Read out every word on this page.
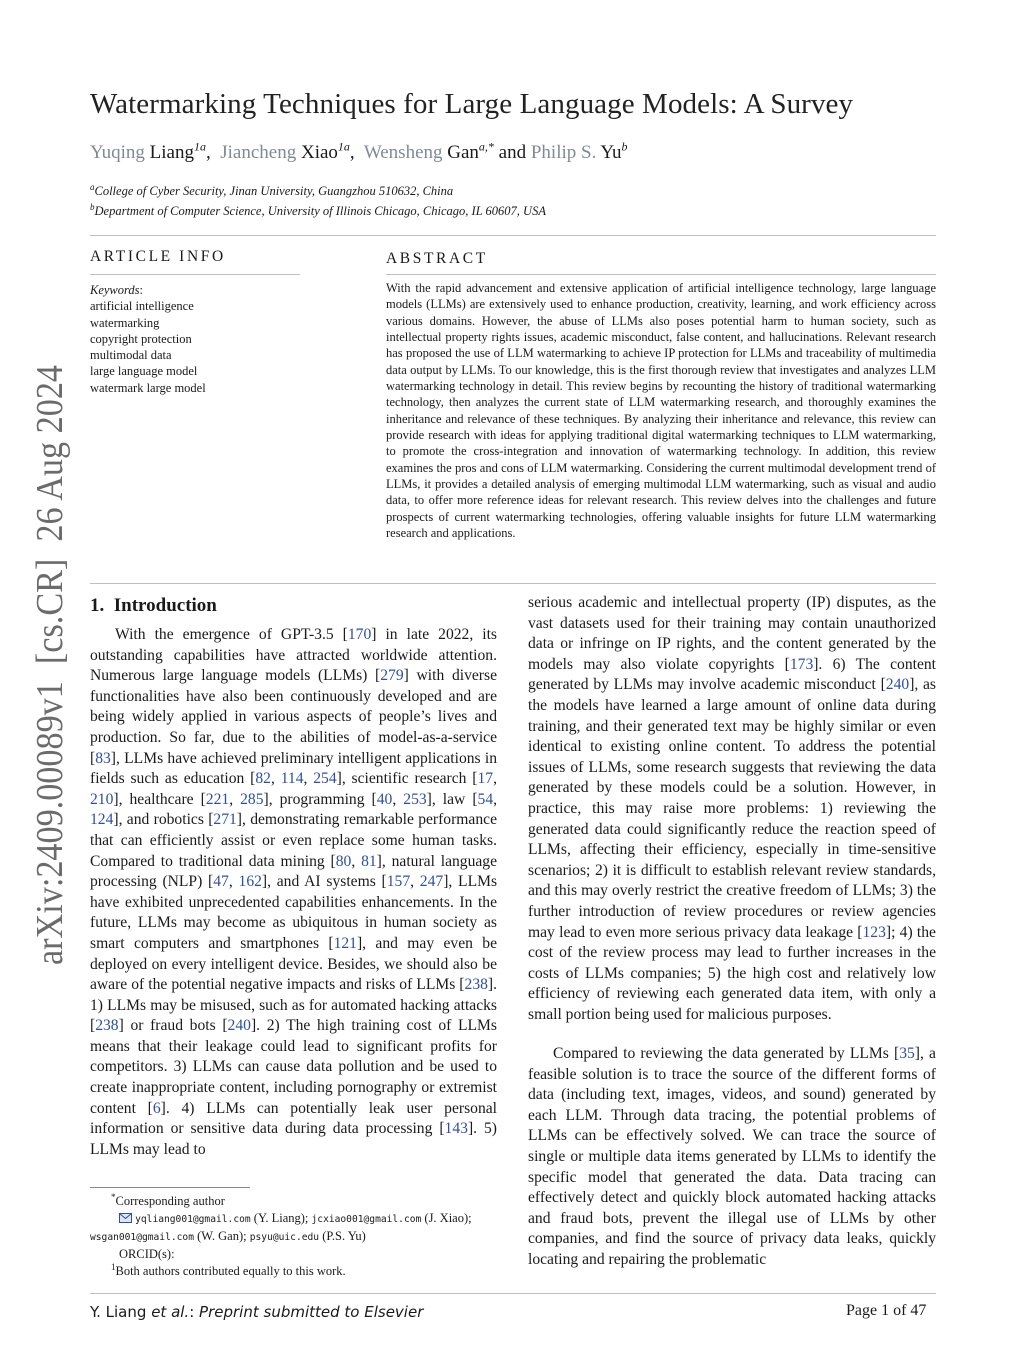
arXiv:2409.00089v1  [cs.CR]  26 Aug 2024
Watermarking Techniques for Large Language Models: A Survey
Yuqing Liang$^{1a}$, Jiancheng Xiao$^{1a}$, Wensheng Gan$^{a,*}$ and Philip S. Yu$^b$
$^a$College of Cyber Security, Jinan University, Guangzhou 510632, China
$^b$Department of Computer Science, University of Illinois Chicago, Chicago, IL 60607, USA
ARTICLE INFO
Keywords:
artificial intelligence
watermarking
copyright protection
multimodal data
large language model
watermark large model
ABSTRACT
With the rapid advancement and extensive application of artificial intelligence technology, large language models (LLMs) are extensively used to enhance production, creativity, learning, and work efficiency across various domains. However, the abuse of LLMs also poses potential harm to human society, such as intellectual property rights issues, academic misconduct, false content, and hallucinations. Relevant research has proposed the use of LLM watermarking to achieve IP protection for LLMs and traceability of multimedia data output by LLMs. To our knowledge, this is the first thorough review that investigates and analyzes LLM watermarking technology in detail. This review begins by recounting the history of traditional watermarking technology, then analyzes the current state of LLM watermarking research, and thoroughly examines the inheritance and relevance of these techniques. By analyzing their inheritance and relevance, this review can provide research with ideas for applying traditional digital watermarking techniques to LLM watermarking, to promote the cross-integration and innovation of watermarking technology. In addition, this review examines the pros and cons of LLM watermarking. Considering the current multimodal development trend of LLMs, it provides a detailed analysis of emerging multimodal LLM watermarking, such as visual and audio data, to offer more reference ideas for relevant research. This review delves into the challenges and future prospects of current watermarking technologies, offering valuable insights for future LLM watermarking research and applications.
1. Introduction
With the emergence of GPT-3.5 [170] in late 2022, its outstanding capabilities have attracted worldwide attention. Numerous large language models (LLMs) [279] with diverse functionalities have also been continuously developed and are being widely applied in various aspects of people’s lives and production. So far, due to the abilities of model-as-a-service [83], LLMs have achieved preliminary intelligent applications in fields such as education [82, 114, 254], scientific research [17, 210], healthcare [221, 285], programming [40, 253], law [54, 124], and robotics [271], demonstrating remarkable performance that can efficiently assist or even replace some human tasks. Compared to traditional data mining [80, 81], natural language processing (NLP) [47, 162], and AI systems [157, 247], LLMs have exhibited unprecedented capabilities enhancements. In the future, LLMs may become as ubiquitous in human society as smart computers and smartphones [121], and may even be deployed on every intelligent device. Besides, we should also be aware of the potential negative impacts and risks of LLMs [238]. 1) LLMs may be misused, such as for automated hacking attacks [238] or fraud bots [240]. 2) The high training cost of LLMs means that their leakage could lead to significant profits for competitors. 3) LLMs can cause data pollution and be used to create inappropriate content, including pornography or extremist content [6]. 4) LLMs can potentially leak user personal information or sensitive data during data processing [143]. 5) LLMs may lead to
serious academic and intellectual property (IP) disputes, as the vast datasets used for their training may contain unauthorized data or infringe on IP rights, and the content generated by the models may also violate copyrights [173]. 6) The content generated by LLMs may involve academic misconduct [240], as the models have learned a large amount of online data during training, and their generated text may be highly similar or even identical to existing online content. To address the potential issues of LLMs, some research suggests that reviewing the data generated by these models could be a solution. However, in practice, this may raise more problems: 1) reviewing the generated data could significantly reduce the reaction speed of LLMs, affecting their efficiency, especially in time-sensitive scenarios; 2) it is difficult to establish relevant review standards, and this may overly restrict the creative freedom of LLMs; 3) the further introduction of review procedures or review agencies may lead to even more serious privacy data leakage [123]; 4) the cost of the review process may lead to further increases in the costs of LLMs companies; 5) the high cost and relatively low efficiency of reviewing each generated data item, with only a small portion being used for malicious purposes.
Compared to reviewing the data generated by LLMs [35], a feasible solution is to trace the source of the different forms of data (including text, images, videos, and sound) generated by each LLM. Through data tracing, the potential problems of LLMs can be effectively solved. We can trace the source of single or multiple data items generated by LLMs to identify the specific model that generated the data. Data tracing can effectively detect and quickly block automated hacking attacks and fraud bots, prevent the illegal use of LLMs by other companies, and find the source of privacy data leaks, quickly locating and repairing the problematic
*Corresponding author
yqliang001@gmail.com (Y. Liang); jcxiao001@gmail.com (J. Xiao);
wsgan001@gmail.com (W. Gan); psyu@uic.edu (P.S. Yu)
ORCID(s):
$^1$Both authors contributed equally to this work.
Y. Liang et al.: Preprint submitted to Elsevier	Page 1 of 47
